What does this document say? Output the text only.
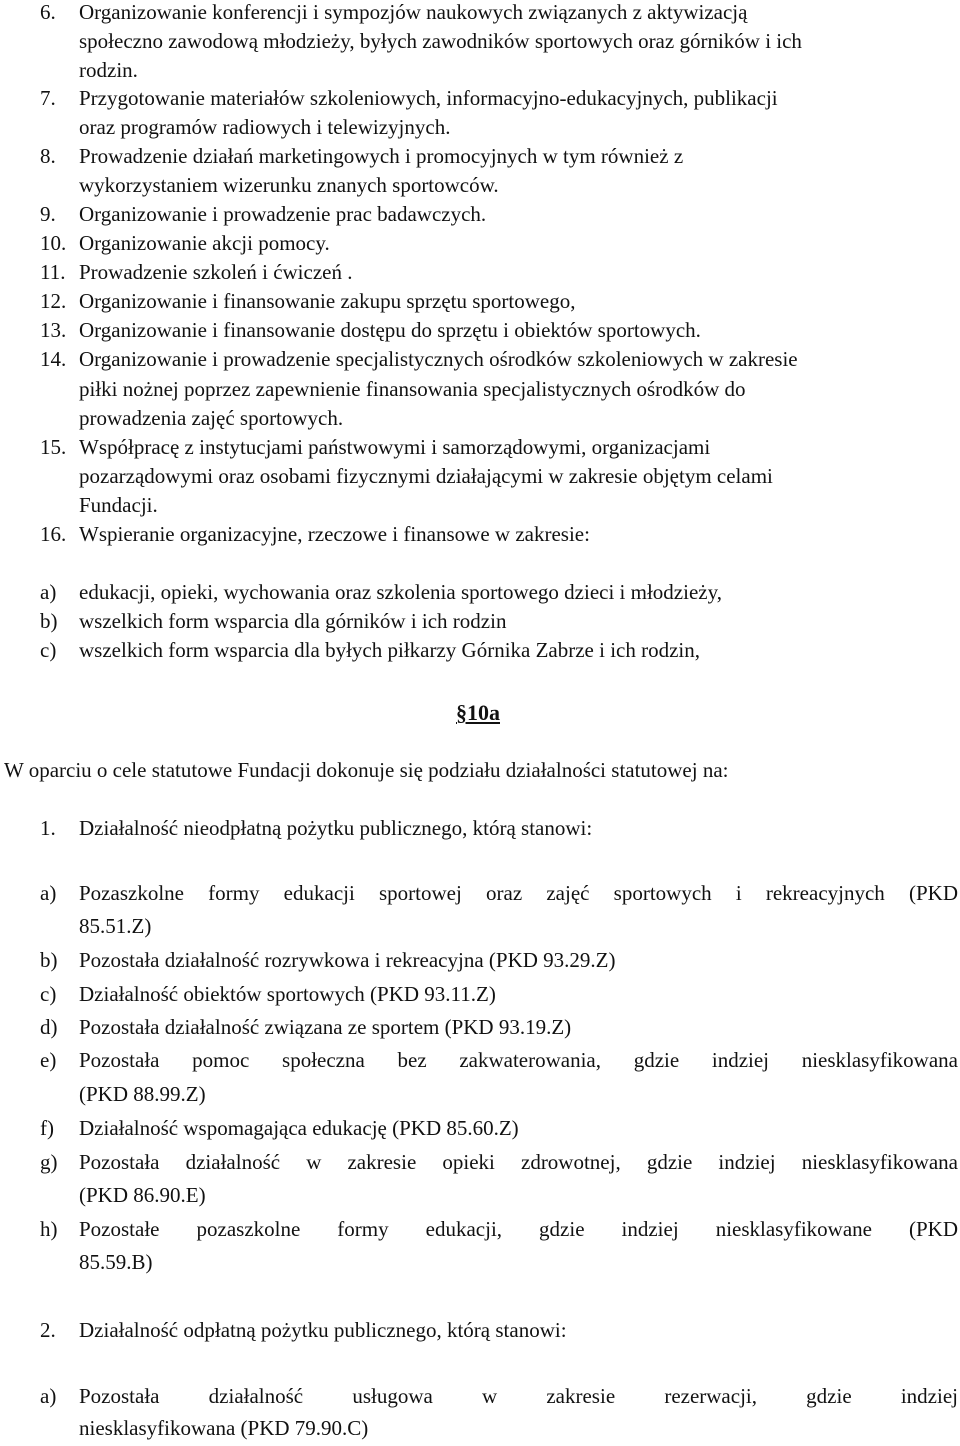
6. Organizowanie konferencji i sympozjów naukowych związanych z aktywizacją
społeczno zawodową młodzieży, byłych zawodników sportowych oraz górników i ich
rodzin.
7. Przygotowanie materiałów szkoleniowych, informacyjno-edukacyjnych, publikacji
oraz programów radiowych i telewizyjnych.
8. Prowadzenie działań marketingowych i promocyjnych w tym również z
wykorzystaniem wizerunku znanych sportowców.
9. Organizowanie i prowadzenie prac badawczych.
10. Organizowanie akcji pomocy.
11. Prowadzenie szkoleń i ćwiczeń .
12. Organizowanie i finansowanie zakupu sprzętu sportowego,
13. Organizowanie i finansowanie dostępu do sprzętu i obiektów sportowych.
14. Organizowanie i prowadzenie specjalistycznych ośrodków szkoleniowych w zakresie
piłki nożnej poprzez zapewnienie finansowania specjalistycznych ośrodków do
prowadzenia zajęć sportowych.
15. Współpracę z instytucjami państwowymi i samorządowymi, organizacjami
pozarządowymi oraz osobami fizycznymi działającymi w zakresie objętym celami
Fundacji.
16. Wspieranie organizacyjne, rzeczowe i finansowe w zakresie:
a) edukacji, opieki, wychowania oraz szkolenia sportowego dzieci i młodzieży,
b) wszelkich form wsparcia dla górników i ich rodzin
c) wszelkich form wsparcia dla byłych piłkarzy Górnika Zabrze i ich rodzin,
§10a
W oparciu o cele statutowe Fundacji dokonuje się podziału działalności statutowej na:
1. Działalność nieodpłatną pożytku publicznego, którą stanowi:
a) Pozaszkolne formy edukacji sportowej oraz zajęć sportowych i rekreacyjnych (PKD
85.51.Z)
b) Pozostała działalność rozrywkowa i rekreacyjna (PKD 93.29.Z)
c) Działalność obiektów sportowych (PKD 93.11.Z)
d) Pozostała działalność związana ze sportem (PKD 93.19.Z)
e) Pozostała pomoc społeczna bez zakwaterowania, gdzie indziej niesklasyfikowana
(PKD 88.99.Z)
f) Działalność wspomagająca edukację (PKD 85.60.Z)
g) Pozostała działalność w zakresie opieki zdrowotnej, gdzie indziej niesklasyfikowana
(PKD 86.90.E)
h) Pozostałe pozaszkolne formy edukacji, gdzie indziej niesklasyfikowane (PKD
85.59.B)
2. Działalność odpłatną pożytku publicznego, którą stanowi:
a) Pozostała działalność usługowa w zakresie rezerwacji, gdzie indziej
niesklasyfikowana (PKD 79.90.C)
